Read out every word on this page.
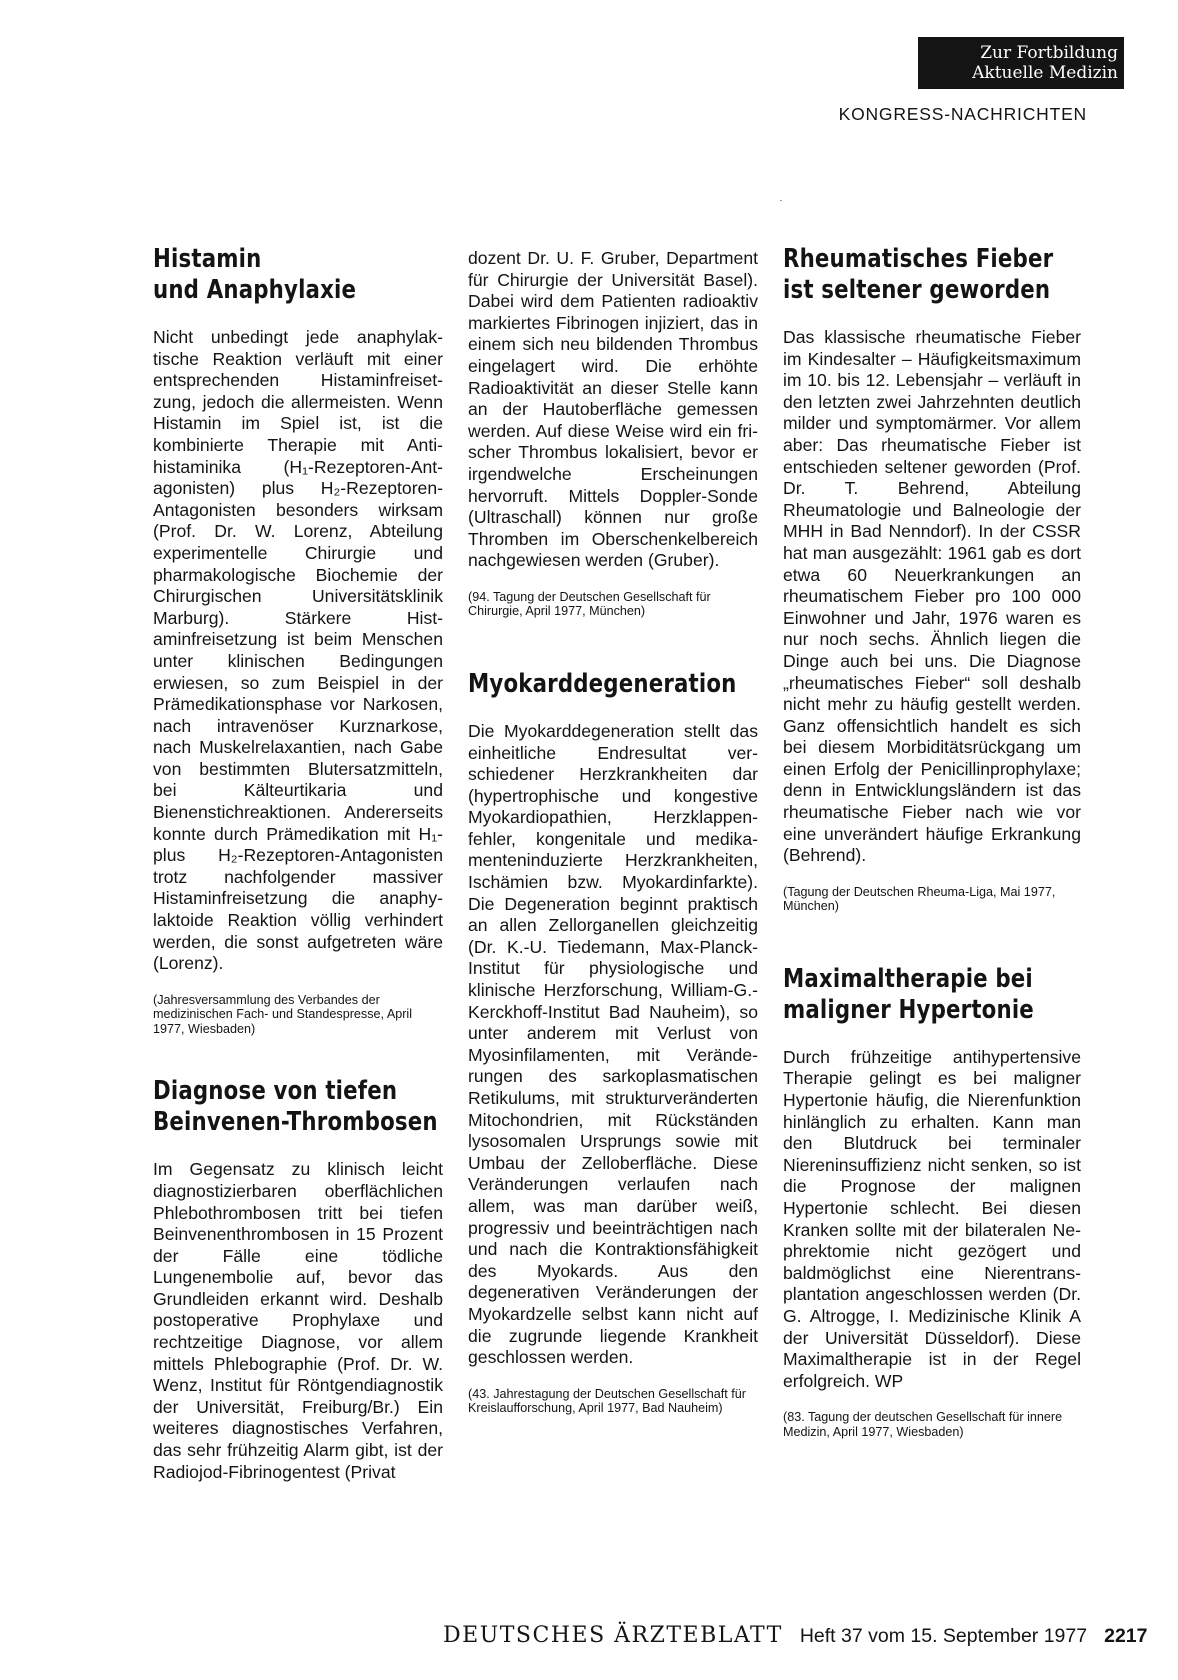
Zur Fortbildung
Aktuelle Medizin
KONGRESS-NACHRICHTEN
Histamin
und Anaphylaxie

Nicht unbedingt jede anaphylaktische Reaktion verläuft mit einer entsprechenden Histaminfreisetzung, jedoch die allermeisten. Wenn Histamin im Spiel ist, ist die kombinierte Therapie mit Antihistaminika (H₁-Rezeptoren-Antagonisten) plus H₂-Rezeptoren-Antagonisten besonders wirksam (Prof. Dr. W. Lorenz, Abteilung experimentelle Chirurgie und pharmakologische Biochemie der Chirurgischen Universitätsklinik Marburg). Stärkere Histaminfreisetzung ist beim Menschen unter klinischen Bedingungen erwiesen, so zum Beispiel in der Prämedikationsphase vor Narkosen, nach intravenöser Kurznarkose, nach Muskelrelaxantien, nach Gabe von bestimmten Blutersatzmitteln, bei Kälteurtikaria und Bienenstichreaktionen. Andererseits konnte durch Prämedikation mit H₁- plus H₂-Rezeptoren-Antagonisten trotz nachfolgender massiver Histaminfreisetzung die anaphylaktoide Reaktion völlig verhindert werden, die sonst aufgetreten wäre (Lorenz).

(Jahresversammlung des Verbandes der medizinischen Fach- und Standespresse, April 1977, Wiesbaden)

Diagnose von tiefen
Beinvenen-Thrombosen

Im Gegensatz zu klinisch leicht diagnostizierbaren oberflächlichen Phlebothrombosen tritt bei tiefen Beinvenenthrombosen in 15 Prozent der Fälle eine tödliche Lungenembolie auf, bevor das Grundleiden erkannt wird. Deshalb postoperative Prophylaxe und rechtzeitige Diagnose, vor allem mittels Phlebographie (Prof. Dr. W. Wenz, Institut für Röntgendiagnostik der Universität, Freiburg/Br.) Ein weiteres diagnostisches Verfahren, das sehr frühzeitig Alarm gibt, ist der Radiojod-Fibrinogentest (Privat

dozent Dr. U. F. Gruber, Department für Chirurgie der Universität Basel). Dabei wird dem Patienten radioaktiv markiertes Fibrinogen injiziert, das in einem sich neu bildenden Thrombus eingelagert wird. Die erhöhte Radioaktivität an dieser Stelle kann an der Hautoberfläche gemessen werden. Auf diese Weise wird ein frischer Thrombus lokalisiert, bevor er irgendwelche Erscheinungen hervorruft. Mittels Doppler-Sonde (Ultraschall) können nur große Thromben im Oberschenkelbereich nachgewiesen werden (Gruber).

(94. Tagung der Deutschen Gesellschaft für Chirurgie, April 1977, München)

Myokarddegeneration

Die Myokarddegeneration stellt das einheitliche Endresultat verschiedener Herzkrankheiten dar (hypertrophische und kongestive Myokardiopathien, Herzklappenfehler, kongenitale und medikamenteninduzierte Herzkrankheiten, Ischämien bzw. Myokardinfarkte). Die Degeneration beginnt praktisch an allen Zellorganellen gleichzeitig (Dr. K.-U. Tiedemann, Max-Planck-Institut für physiologische und klinische Herzforschung, William-G.-Kerckhoff-Institut Bad Nauheim), so unter anderem mit Verlust von Myosinfilamenten, mit Veränderungen des sarkoplasmatischen Retikulums, mit strukturveränderten Mitochondrien, mit Rückständen lysosomalen Ursprungs sowie mit Umbau der Zelloberfläche. Diese Veränderungen verlaufen nach allem, was man darüber weiß, progressiv und beeinträchtigen nach und nach die Kontraktionsfähigkeit des Myokards. Aus den degenerativen Veränderungen der Myokardzelle selbst kann nicht auf die zugrunde liegende Krankheit geschlossen werden.

(43. Jahrestagung der Deutschen Gesellschaft für Kreislaufforschung, April 1977, Bad Nauheim)

Rheumatisches Fieber
ist seltener geworden

Das klassische rheumatische Fieber im Kindesalter – Häufigkeitsmaximum im 10. bis 12. Lebensjahr – verläuft in den letzten zwei Jahrzehnten deutlich milder und symptomärmer. Vor allem aber: Das rheumatische Fieber ist entschieden seltener geworden (Prof. Dr. T. Behrend, Abteilung Rheumatologie und Balneologie der MHH in Bad Nenndorf). In der CSSR hat man ausgezählt: 1961 gab es dort etwa 60 Neuerkrankungen an rheumatischem Fieber pro 100 000 Einwohner und Jahr, 1976 waren es nur noch sechs. Ähnlich liegen die Dinge auch bei uns. Die Diagnose „rheumatisches Fieber“ soll deshalb nicht mehr zu häufig gestellt werden. Ganz offensichtlich handelt es sich bei diesem Morbiditätsrückgang um einen Erfolg der Penicillinprophylaxe; denn in Entwicklungsländern ist das rheumatische Fieber nach wie vor eine unverändert häufige Erkrankung (Behrend).

(Tagung der Deutschen Rheuma-Liga, Mai 1977, München)

Maximaltherapie bei
maligner Hypertonie

Durch frühzeitige antihypertensive Therapie gelingt es bei maligner Hypertonie häufig, die Nierenfunktion hinlänglich zu erhalten. Kann man den Blutdruck bei terminaler Niereninsuffizienz nicht senken, so ist die Prognose der malignen Hypertonie schlecht. Bei diesen Kranken sollte mit der bilateralen Nephrektomie nicht gezögert und baldmöglichst eine Nierentransplantation angeschlossen werden (Dr. G. Altrogge, I. Medizinische Klinik A der Universität Düsseldorf). Diese Maximaltherapie ist in der Regel erfolgreich. WP

(83. Tagung der deutschen Gesellschaft für innere Medizin, April 1977, Wiesbaden)

DEUTSCHES ÄRZTEBLATT Heft 37 vom 15. September 1977 2217
